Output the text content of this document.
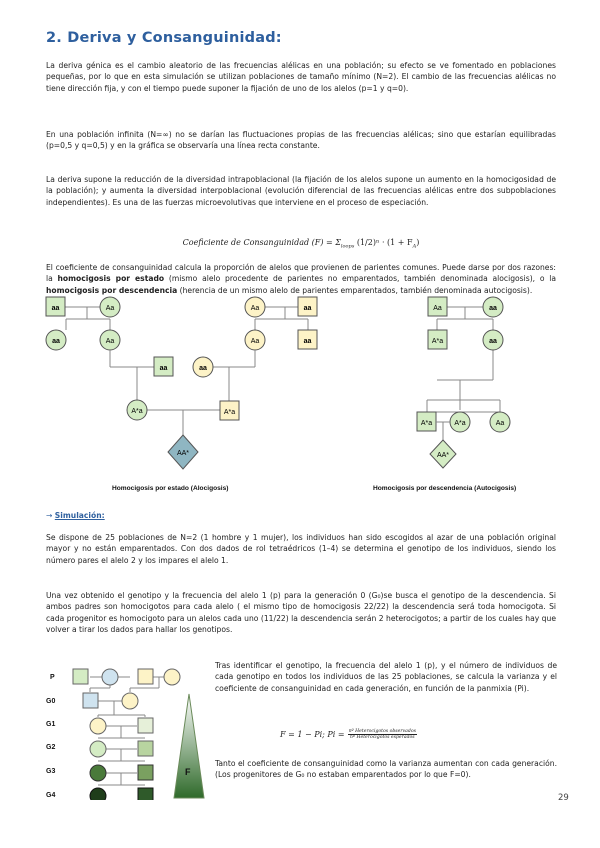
2. Deriva y Consanguinidad:
La deriva génica es el cambio aleatorio de las frecuencias alélicas en una población; su efecto se ve fomentado en poblaciones pequeñas, por lo que en esta simulación se utilizan poblaciones de tamaño mínimo (N=2). El cambio de las frecuencias alélicas no tiene dirección fija, y con el tiempo puede suponer la fijación de uno de los alelos (p=1 y q=0).
En una población infinita (N=∞) no se darían las fluctuaciones propias de las frecuencias alélicas; sino que estarían equilibradas (p=0,5 y q=0,5) y en la gráfica se observaría una línea recta constante.
La deriva supone la reducción de la diversidad intrapoblacional (la fijación de los alelos supone un aumento en la homocigosidad de la población); y aumenta la diversidad interpoblacional (evolución diferencial de las frecuencias alélicas entre dos subpoblaciones independientes). Es una de las fuerzas microevolutivas que interviene en el proceso de especiación.
Coeficiente de Consanguinidad $(F) = \Sigma_{loops}$ $(1/2)^n \cdot (1 + F_A)$
El coeficiente de consanguinidad calcula la proporción de alelos que provienen de parientes comunes. Puede darse por dos razones: la homocigosis por estado (mismo alelo procedente de parientes no emparentados, también denominada alocigosis), o la homocigosis por descendencia (herencia de un mismo alelo de parientes emparentados, también denominada autocigosis).
aa	Aa	Aa	aa
aa	Aa
aa	aa
Aa	aa
A*a	A*a
AA*
Homocigosis por estado (Alocigosis)
Aa	aa
A*a	aa
A*a	A*a	Aa
AA*
Homocigosis por descendencia (Autocigosis)
→ Simulación:
Se dispone de 25 poblaciones de N=2 (1 hombre y 1 mujer), los individuos han sido escogidos al azar de una población original mayor y no están emparentados. Con dos dados de rol tetraédricos (1–4) se determina el genotipo de los individuos, siendo los número pares el alelo 2 y los impares el alelo 1.
Una vez obtenido el genotipo y la frecuencia del alelo 1 (p) para la generación 0 (G₀)se busca el genotipo de la descendencia. Si ambos padres son homocigotos para cada alelo ( el mismo tipo de homocigosis 22/22) la descendencia será toda homocigota. Si cada progenitor es homocigoto para un alelos cada uno (11/22) la descendencia serán 2 heterocigotos; a partir de los cuales hay que volver a tirar los dados para hallar los genotipos.
P
G0
G1
G2
G3
G4
F
Tras identificar el genotipo, la frecuencia del alelo 1 (p), y el número de individuos de cada genotipo en todos los individuos de las 25 poblaciones, se calcula la varianza y el coeficiente de consanguinidad en cada generación, en función de la panmixia (Pi).
F = 1 − Pi; Pi = nº Heterocigotos observados
nº Heterocigotos esperados
Tanto el coeficiente de consanguinidad como la varianza aumentan con cada generación. (Los progenitores de G₀ no estaban emparentados por lo que F=0).
29
